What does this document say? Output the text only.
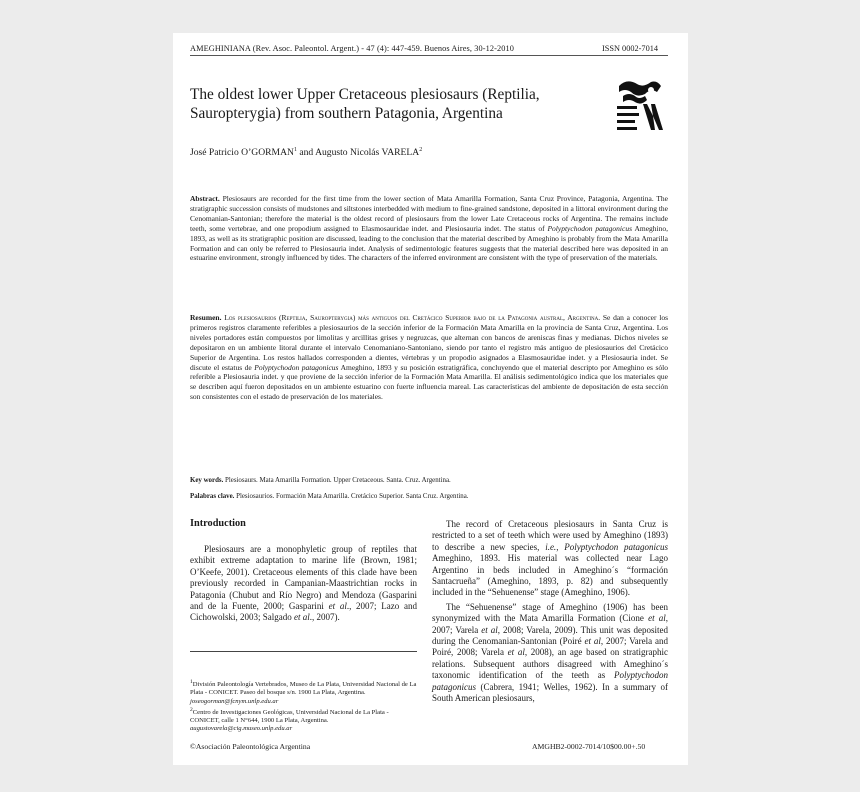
AMEGHINIANA (Rev. Asoc. Paleontol. Argent.) - 47 (4): 447-459. Buenos Aires, 30-12-2010	ISSN 0002-7014
The oldest lower Upper Cretaceous plesiosaurs (Reptilia, Sauropterygia) from southern Patagonia, Argentina
José Patricio O’GORMAN$^1$ and Augusto Nicolás VARELA$^2$
Abstract. Plesiosaurs are recorded for the first time from the lower section of Mata Amarilla Formation, Santa Cruz Province, Patagonia, Argentina. The stratigraphic succession consists of mudstones and siltstones interbedded with medium to fine-grained sandstone, deposited in a littoral environment during the Cenomanian-Santonian; therefore the material is the oldest record of plesiosaurs from the lower Late Cretaceous rocks of Argentina. The remains include teeth, some vertebrae, and one propodium assigned to Elasmosauridae indet. and Plesiosauria indet. The status of Polyptychodon patagonicus Ameghino, 1893, as well as its stratigraphic position are discussed, leading to the conclusion that the material described by Ameghino is probably from the Mata Amarilla Formation and can only be referred to Plesiosauria indet. Analysis of sedimentologic features suggests that the material described here was deposited in an estuarine environment, strongly influenced by tides. The characters of the inferred environment are consistent with the type of preservation of the materials.
Resumen. Los plesiosaurios (Reptilia, Sauropterygia) más antiguos del Cretácico Superior bajo de la Patagonia austral, Argentina. Se dan a conocer los primeros registros claramente referibles a plesiosaurios de la sección inferior de la Formación Mata Amarilla en la provincia de Santa Cruz, Argentina. Los niveles portadores están compuestos por limolitas y arcillitas grises y negruzcas, que alternan con bancos de areniscas finas y medianas. Dichos niveles se depositaron en un ambiente litoral durante el intervalo Cenomaniano-Santoniano, siendo por tanto el registro más antiguo de plesiosaurios del Cretácico Superior de Argentina. Los restos hallados corresponden a dientes, vértebras y un propodio asignados a Elasmosauridae indet. y a Plesiosauria indet. Se discute el estatus de Polyptychodon patagonicus Ameghino, 1893 y su posición estratigráfica, concluyendo que el material descripto por Ameghino es sólo referible a Plesiosauria indet. y que proviene de la sección inferior de la Formación Mata Amarilla. El análisis sedimentológico indica que los materiales que se describen aquí fueron depositados en un ambiente estuarino con fuerte influencia mareal. Las características del ambiente de depositación de esta sección son consistentes con el estado de preservación de los materiales.
Key words. Plesiosaurs. Mata Amarilla Formation. Upper Cretaceous. Santa. Cruz. Argentina.
Palabras clave. Plesiosaurios. Formación Mata Amarilla. Cretácico Superior. Santa Cruz. Argentina.
Introduction

Plesiosaurs are a monophyletic group of reptiles that exhibit extreme adaptation to marine life (Brown, 1981; O’Keefe, 2001). Cretaceous elements of this clade have been previously recorded in Campanian-Maastrichtian rocks in Patagonia (Chubut and Río Negro) and Mendoza (Gasparini and de la Fuente, 2000; Gasparini et al., 2007; Lazo and Cichowolski, 2003; Salgado et al., 2007).

The record of Cretaceous plesiosaurs in Santa Cruz is restricted to a set of teeth which were used by Ameghino (1893) to describe a new species, i.e., Polyptychodon patagonicus Ameghino, 1893. His material was collected near Lago Argentino in beds included in Ameghino´s “formación Santacrueña” (Ameghino, 1893, p. 82) and subsequently included in the “Sehuenense” stage (Ameghino, 1906).

The “Sehuenense” stage of Ameghino (1906) has been synonymized with the Mata Amarilla Formation (Cione et al, 2007; Varela et al, 2008; Varela, 2009). This unit was deposited during the Cenomanian-Santonian (Poiré et al, 2007; Varela and Poiré, 2008; Varela et al, 2008), an age based on stratigraphic relations. Subsequent authors disagreed with Ameghino´s taxonomic identification of the teeth as Polyptychodon patagonicus (Cabrera, 1941; Welles, 1962). In a summary of South American plesiosaurs,

$^1$División Paleontología Vertebrados, Museo de La Plata, Universidad Nacional de La Plata - CONICET. Paseo del bosque s/n. 1900 La Plata, Argentina. joseogorman@fcnym.unlp.edu.ar
$^2$Centro de Investigaciones Geológicas, Universidad Nacional de La Plata - CONICET, calle 1 N°644, 1900 La Plata, Argentina. augustovarela@cig.museo.unlp.edu.ar
©Asociación Paleontológica Argentina	AMGHB2-0002-7014/10$00.00+.50
